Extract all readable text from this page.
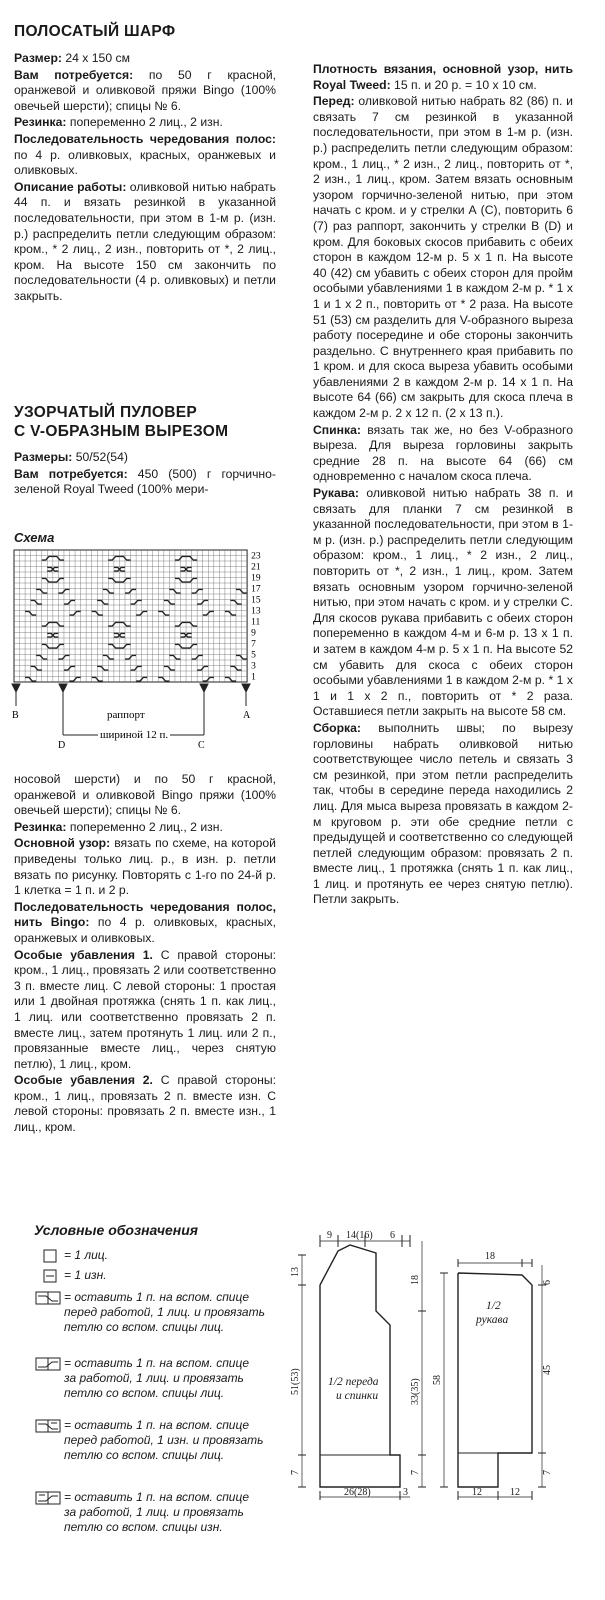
ПОЛОСАТЫЙ ШАРФ

Размер: 24 х 150 см

Вам потребуется: по 50 г красной, оранжевой и оливковой пряжи Bingo (100% овечьей шерсти); спицы № 6.

Резинка: попеременно 2 лиц., 2 изн.

Последовательность чередования полос: по 4 р. оливковых, красных, оранжевых и оливковых.

Описание работы: оливковой нитью набрать 44 п. и вязать резинкой в указанной последовательности, при этом в 1-м р. (изн. р.) распределить петли следующим образом: кром., * 2 лиц., 2 изн., повторить от *, 2 лиц., кром. На высоте 150 см закончить по последовательности (4 р. оливковых) и петли закрыть.

УЗОРЧАТЫЙ ПУЛОВЕР
С V-ОБРАЗНЫМ ВЫРЕЗОМ

Размеры: 50/52(54)

Вам потребуется: 450 (500) г горчично-зеленой Royal Tweed (100% мери-

Схема
23
21
19
17
15
13
11
9
7
5
3
1
B
D	C
A
раппорт
шириной 12 п.

носовой шерсти) и по 50 г красной, оранжевой и оливковой Bingo пряжи (100% овечьей шерсти); спицы № 6.

Резинка: попеременно 2 лиц., 2 изн.

Основной узор: вязать по схеме, на которой приведены только лиц. р., в изн. р. петли вязать по рисунку. Повторять с 1-го по 24-й р. 1 клетка = 1 п. и 2 р.

Последовательность чередования полос, нить Bingo: по 4 р. оливковых, красных, оранжевых и оливковых.

Особые убавления 1. С правой стороны: кром., 1 лиц., провязать 2 или соответственно 3 п. вместе лиц. С левой стороны: 1 простая или 1 двойная протяжка (снять 1 п. как лиц., 1 лиц. или соответственно провязать 2 п. вместе лиц., затем протянуть 1 лиц. или 2 п., провязанные вместе лиц., через снятую петлю), 1 лиц., кром.

Особые убавления 2. С правой стороны: кром., 1 лиц., провязать 2 п. вместе изн. С левой стороны: провязать 2 п. вместе изн., 1 лиц., кром.

Плотность вязания, основной узор, нить Royal Tweed: 15 п. и 20 р. = 10 х 10 см.

Перед: оливковой нитью набрать 82 (86) п. и связать 7 см резинкой в указанной последовательности, при этом в 1-м р. (изн. р.) распределить петли следующим образом: кром., 1 лиц., * 2 изн., 2 лиц., повторить от *, 2 изн., 1 лиц., кром. Затем вязать основным узором горчично-зеленой нитью, при этом начать с кром. и у стрелки А (С), повторить 6 (7) раз раппорт, закончить у стрелки В (D) и кром. Для боковых скосов прибавить с обеих сторон в каждом 12-м р. 5 х 1 п. На высоте 40 (42) см убавить с обеих сторон для пройм особыми убавлениями 1 в каждом 2-м р. * 1 х 1 и 1 х 2 п., повторить от * 2 раза. На высоте 51 (53) см разделить для V-образного выреза работу посередине и обе стороны закончить раздельно. С внутреннего края прибавить по 1 кром. и для скоса выреза убавить особыми убавлениями 2 в каждом 2-м р. 14 х 1 п. На высоте 64 (66) см закрыть для скоса плеча в каждом 2-м р. 2 х 12 п. (2 х 13 п.).

Спинка: вязать так же, но без V-образного выреза. Для выреза горловины закрыть средние 28 п. на высоте 64 (66) см одновременно с началом скоса плеча.

Рукава: оливковой нитью набрать 38 п. и связать для планки 7 см резинкой в указанной последовательности, при этом в 1-м р. (изн. р.) распределить петли следующим образом: кром., 1 лиц., * 2 изн., 2 лиц., повторить от *, 2 изн., 1 лиц., кром. Затем вязать основным узором горчично-зеленой нитью, при этом начать с кром. и у стрелки С. Для скосов рукава прибавить с обеих сторон попеременно в каждом 4-м и 6-м р. 13 х 1 п. и затем в каждом 4-м р. 5 х 1 п. На высоте 52 см убавить для скоса с обеих сторон особыми убавлениями 1 в каждом 2-м р. * 1 х 1 и 1 х 2 п., повторить от * 2 раза. Оставшиеся петли закрыть на высоте 58 см.

Сборка: выполнить швы; по вырезу горловины набрать оливковой нитью соответствующее число петель и связать 3 см резинкой, при этом петли распределить так, чтобы в середине переда находились 2 лиц. Для мыса выреза провязать в каждом 2-м круговом р. эти обе средние петли с предыдущей и соответственно со следующей петлей следующим образом: провязать 2 п. вместе лиц., 1 протяжка (снять 1 п. как лиц., 1 лиц. и протянуть ее через снятую петлю). Петли закрыть.

Условные обозначения
= 1 лиц.
= 1 изн.
= оставить 1 п. на вспом. спице
перед работой, 1 лиц. и провязать петлю со вспом. спицы лиц.
= оставить 1 п. на вспом. спице
за работой, 1 лиц. и провязать петлю со вспом. спицы лиц.
= оставить 1 п. на вспом. спице
перед работой, 1 изн. и провязать петлю со вспом. спицы лиц.
= оставить 1 п. на вспом. спице
за работой, 1 лиц. и провязать петлю со вспом. спицы изн.
9 14(16) 6
13
51(53)
7
18
33(35)
7
26(28)	3
1/2 переда
и спинки
18
6
58
45
7
12	12
1/2
рукава
